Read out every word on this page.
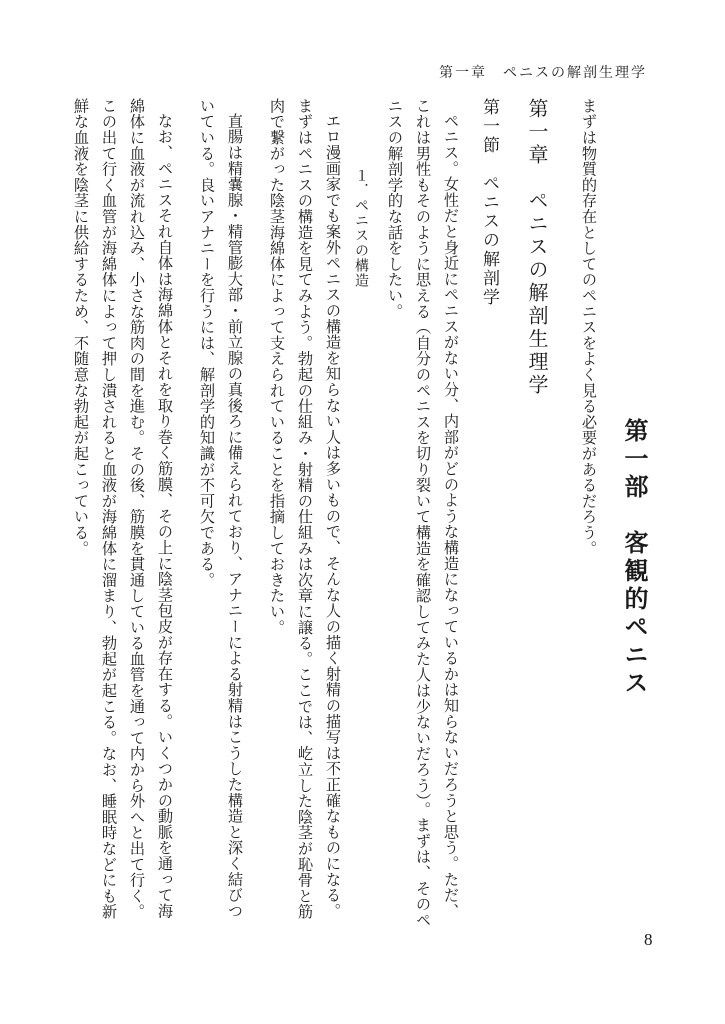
第一章　ペニスの解剖生理学

第一部　客観的ペニス

まずは物質的存在としてのペニスをよく見る必要があるだろう。

第一章　ペニスの解剖生理学

第一節　ペニスの解剖学

ペニス。女性だと身近にペニスがない分、内部がどのような構造になっているかは知らないだろうと思う。ただ、これは男性もそのように思える（自分のペニスを切り裂いて構造を確認してみた人は少ないだろう）。まずは、そのペニスの解剖学的な話をしたい。

１．ペニスの構造

エロ漫画家でも案外ペニスの構造を知らない人は多いもので、そんな人の描く射精の描写は不正確なものになる。まずはペニスの構造を見てみよう。勃起の仕組み・射精の仕組みは次章に譲る。ここでは、屹立した陰茎が恥骨と筋肉で繋がった陰茎海綿体によって支えられていることを指摘しておきたい。

直腸は精嚢腺・精管膨大部・前立腺の真後ろに備えられており、アナニーによる射精はこうした構造と深く結びついている。良いアナニーを行うには、解剖学的知識が不可欠である。

なお、ペニスそれ自体は海綿体とそれを取り巻く筋膜、その上に陰茎包皮が存在する。いくつかの動脈を通って海綿体に血液が流れ込み、小さな筋肉の間を進む。その後、筋膜を貫通している血管を通って内から外へと出て行く。この出て行く血管が海綿体によって押し潰されると血液が海綿体に溜まり、勃起が起こる。なお、睡眠時などにも新鮮な血液を陰茎に供給するため、不随意な勃起が起こっている。

8
